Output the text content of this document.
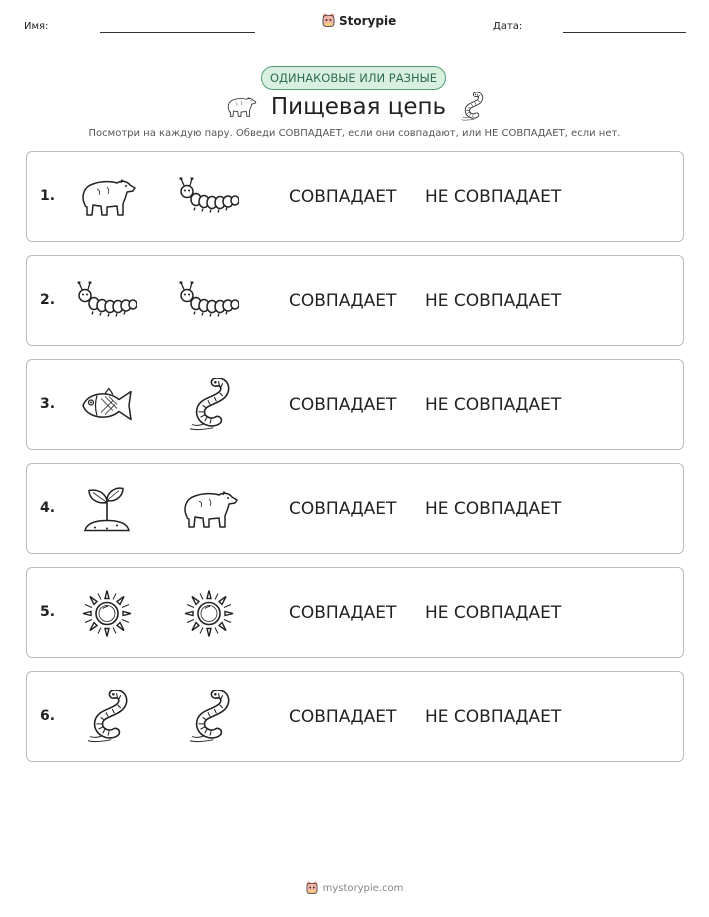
Имя:	Storypie	Дата:
ОДИНАКОВЫЕ ИЛИ РАЗНЫЕ
Пищевая цепь
Посмотри на каждую пару. Обведи СОВПАДАЕТ, если они совпадают, или НЕ СОВПАДАЕТ, если нет.
1.	СОВПАДАЕТ НЕ СОВПАДАЕТ
2.	СОВПАДАЕТ НЕ СОВПАДАЕТ
3.	СОВПАДАЕТ НЕ СОВПАДАЕТ
4.	СОВПАДАЕТ НЕ СОВПАДАЕТ
5.	СОВПАДАЕТ НЕ СОВПАДАЕТ
6.	СОВПАДАЕТ НЕ СОВПАДАЕТ
mystorypie.com
